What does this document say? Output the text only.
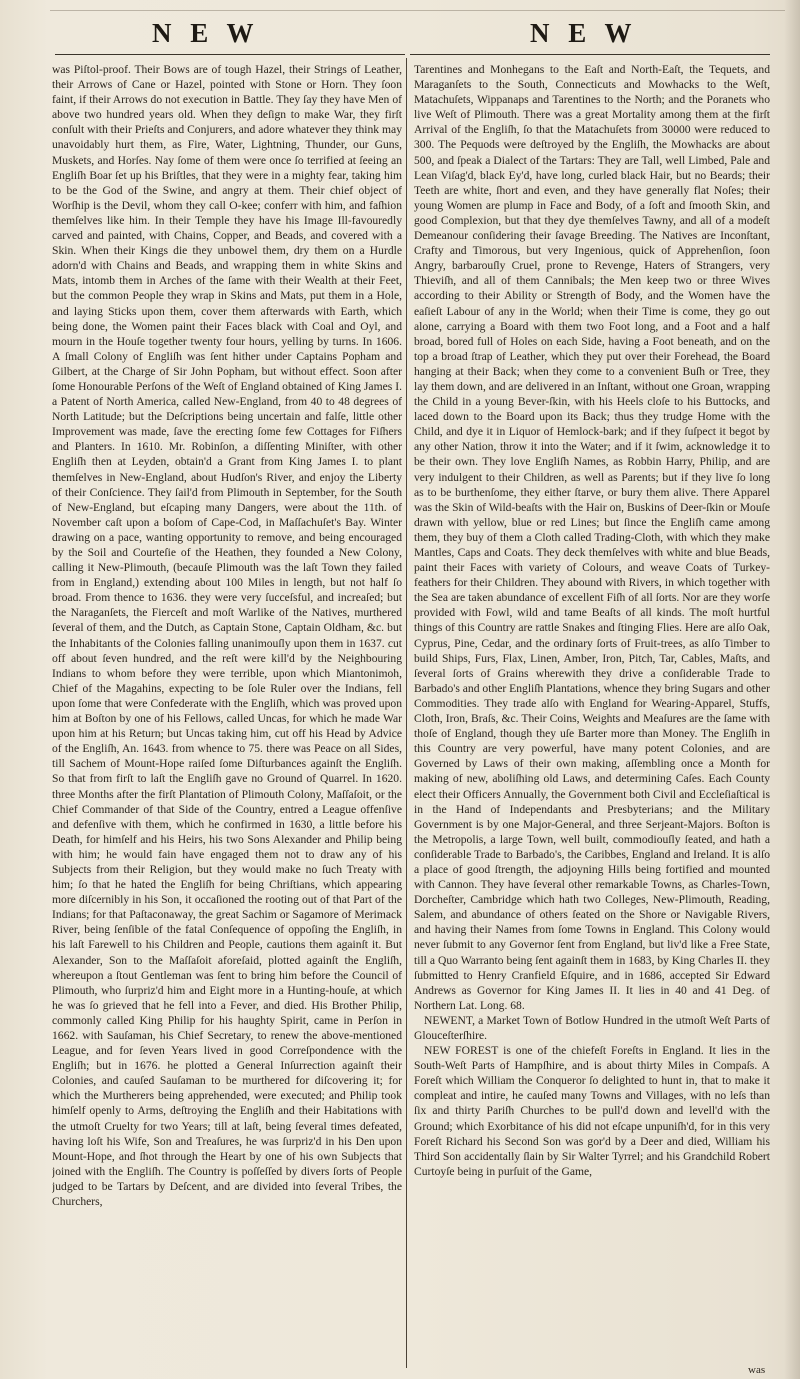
N E W	N E W

was Piſtol-proof. Their Bows are of tough Hazel, their Strings of Leather, their Arrows of Cane or Hazel, pointed with Stone or Horn. They ſoon faint, if their Arrows do not execution in Battle. They ſay they have Men of above two hundred years old. When they deſign to make War, they firſt conſult with their Prieſts and Conjurers, and adore whatever they think may unavoidably hurt them, as Fire, Water, Lightning, Thunder, our Guns, Muskets, and Horſes. Nay ſome of them were once ſo terrified at ſeeing an Engliſh Boar ſet up his Briſtles, that they were in a mighty fear, taking him to be the God of the Swine, and angry at them. Their chief object of Worſhip is the Devil, whom they call O-kee; conferr with him, and faſhion themſelves like him. In their Temple they have his Image Ill-favouredly carved and painted, with Chains, Copper, and Beads, and covered with a Skin. When their Kings die they unbowel them, dry them on a Hurdle adorn'd with Chains and Beads, and wrapping them in white Skins and Mats, intomb them in Arches of the ſame with their Wealth at their Feet, but the common People they wrap in Skins and Mats, put them in a Hole, and laying Sticks upon them, cover them afterwards with Earth, which being done, the Women paint their Faces black with Coal and Oyl, and mourn in the Houſe together twenty four hours, yelling by turns. In 1606. A ſmall Colony of Engliſh was ſent hither under Captains Popham and Gilbert, at the Charge of Sir John Popham, but without effect. Soon after ſome Honourable Perſons of the Weſt of England obtained of King James I. a Patent of North America, called New-England, from 40 to 48 degrees of North Latitude; but the Deſcriptions being uncertain and falſe, little other Improvement was made, ſave the erecting ſome few Cottages for Fiſhers and Planters. In 1610. Mr. Robinſon, a diſſenting Miniſter, with other Engliſh then at Leyden, obtain'd a Grant from King James I. to plant themſelves in New-England, about Hudſon's River, and enjoy the Liberty of their Conſcience. They ſail'd from Plimouth in September, for the South of New-England, but eſcaping many Dangers, were about the 11th. of November caſt upon a boſom of Cape-Cod, in Maſſachuſet's Bay. Winter drawing on a pace, wanting opportunity to remove, and being encouraged by the Soil and Courteſie of the Heathen, they founded a New Colony, calling it New-Plimouth, (becauſe Plimouth was the laſt Town they failed from in England,) extending about 100 Miles in length, but not half ſo broad. From thence to 1636. they were very ſucceſsful, and increaſed; but the Naraganſets, the Fierceſt and moſt Warlike of the Natives, murthered ſeveral of them, and the Dutch, as Captain Stone, Captain Oldham, &c. but the Inhabitants of the Colonies falling unanimouſly upon them in 1637. cut off about ſeven hundred, and the reſt were kill'd by the Neighbouring Indians to whom before they were terrible, upon which Miantonimoh, Chief of the Magahins, expecting to be ſole Ruler over the Indians, fell upon ſome that were Confederate with the Engliſh, which was proved upon him at Boſton by one of his Fellows, called Uncas, for which he made War upon him at his Return; but Uncas taking him, cut off his Head by Advice of the Engliſh, An. 1643. from whence to 75. there was Peace on all Sides, till Sachem of Mount-Hope raiſed ſome Diſturbances againſt the Engliſh. So that from firſt to laſt the Engliſh gave no Ground of Quarrel. In 1620. three Months after the firſt Plantation of Plimouth Colony, Maſſaſoit, or the Chief Commander of that Side of the Country, entred a League offenſive and defenſive with them, which he confirmed in 1630, a little before his Death, for himſelf and his Heirs, his two Sons Alexander and Philip being with him; he would fain have engaged them not to draw any of his Subjects from their Religion, but they would make no ſuch Treaty with him; ſo that he hated the Engliſh for being Chriſtians, which appearing more diſcernibly in his Son, it occaſioned the rooting out of that Part of the Indians; for that Paſtaconaway, the great Sachim or Sagamore of Merimack River, being ſenſible of the fatal Conſequence of oppoſing the Engliſh, in his laſt Farewell to his Children and People, cautions them againſt it. But Alexander, Son to the Maſſaſoit aforeſaid, plotted againſt the Engliſh, whereupon a ſtout Gentleman was ſent to bring him before the Council of Plimouth, who ſurpriz'd him and Eight more in a Hunting-houſe, at which he was ſo grieved that he fell into a Fever, and died. His Brother Philip, commonly called King Philip for his haughty Spirit, came in Perſon in 1662. with Sauſaman, his Chief Secretary, to renew the above-mentioned League, and for ſeven Years lived in good Correſpondence with the Engliſh; but in 1676. he plotted a General Inſurrection againſt their Colonies, and cauſed Sauſaman to be murthered for diſcovering it; for which the Murtherers being apprehended, were executed; and Philip took himſelf openly to Arms, deſtroying the Engliſh and their Habitations with the utmoſt Cruelty for two Years; till at laſt, being ſeveral times defeated, having loſt his Wife, Son and Treaſures, he was ſurpriz'd in his Den upon Mount-Hope, and ſhot through the Heart by one of his own Subjects that joined with the Engliſh. The Country is poſſeſſed by divers ſorts of People judged to be Tartars by Deſcent, and are divided into ſeveral Tribes, the Churchers,

Tarentines and Monhegans to the Eaſt and North-Eaſt, the Tequets, and Maraganſets to the South, Connecticuts and Mowhacks to the Weſt, Matachuſets, Wippanaps and Tarentines to the North; and the Poranets who live Weſt of Plimouth. There was a great Mortality among them at the firſt Arrival of the Engliſh, ſo that the Matachuſets from 30000 were reduced to 300. The Pequods were deſtroyed by the Engliſh, the Mowhacks are about 500, and ſpeak a Dialect of the Tartars: They are Tall, well Limbed, Pale and Lean Viſag'd, black Ey'd, have long, curled black Hair, but no Beards; their Teeth are white, ſhort and even, and they have generally flat Noſes; their young Women are plump in Face and Body, of a ſoft and ſmooth Skin, and good Complexion, but that they dye themſelves Tawny, and all of a modeſt Demeanour conſidering their ſavage Breeding. The Natives are Inconſtant, Crafty and Timorous, but very Ingenious, quick of Apprehenſion, ſoon Angry, barbarouſly Cruel, prone to Revenge, Haters of Strangers, very Thieviſh, and all of them Cannibals; the Men keep two or three Wives according to their Ability or Strength of Body, and the Women have the eaſieſt Labour of any in the World; when their Time is come, they go out alone, carrying a Board with them two Foot long, and a Foot and a half broad, bored full of Holes on each Side, having a Foot beneath, and on the top a broad ſtrap of Leather, which they put over their Forehead, the Board hanging at their Back; when they come to a convenient Buſh or Tree, they lay them down, and are delivered in an Inſtant, without one Groan, wrapping the Child in a young Bever-ſkin, with his Heels cloſe to his Buttocks, and laced down to the Board upon its Back; thus they trudge Home with the Child, and dye it in Liquor of Hemlock-bark; and if they ſuſpect it begot by any other Nation, throw it into the Water; and if it ſwim, acknowledge it to be their own. They love Engliſh Names, as Robbin Harry, Philip, and are very indulgent to their Children, as well as Parents; but if they live ſo long as to be burthenſome, they either ſtarve, or bury them alive. There Apparel was the Skin of Wild-beaſts with the Hair on, Buskins of Deer-ſkin or Mouſe drawn with yellow, blue or red Lines; but ſince the Engliſh came among them, they buy of them a Cloth called Trading-Cloth, with which they make Mantles, Caps and Coats. They deck themſelves with white and blue Beads, paint their Faces with variety of Colours, and weave Coats of Turkey-feathers for their Children. They abound with Rivers, in which together with the Sea are taken abundance of excellent Fiſh of all ſorts. Nor are they worſe provided with Fowl, wild and tame Beaſts of all kinds. The moſt hurtful things of this Country are rattle Snakes and ſtinging Flies. Here are alſo Oak, Cyprus, Pine, Cedar, and the ordinary ſorts of Fruit-trees, as alſo Timber to build Ships, Furs, Flax, Linen, Amber, Iron, Pitch, Tar, Cables, Maſts, and ſeveral ſorts of Grains wherewith they drive a conſiderable Trade to Barbado's and other Engliſh Plantations, whence they bring Sugars and other Commodities. They trade alſo with England for Wearing-Apparel, Stuffs, Cloth, Iron, Braſs, &c. Their Coins, Weights and Meaſures are the ſame with thoſe of England, though they uſe Barter more than Money. The Engliſh in this Country are very powerful, have many potent Colonies, and are Governed by Laws of their own making, aſſembling once a Month for making of new, aboliſhing old Laws, and determining Caſes. Each County elect their Officers Annually, the Government both Civil and Eccleſiaſtical is in the Hand of Independants and Presbyterians; and the Military Government is by one Major-General, and three Serjeant-Majors. Boſton is the Metropolis, a large Town, well built, commodiouſly ſeated, and hath a conſiderable Trade to Barbado's, the Caribbes, England and Ireland. It is alſo a place of good ſtrength, the adjoyning Hills being fortified and mounted with Cannon. They have ſeveral other remarkable Towns, as Charles-Town, Dorcheſter, Cambridge which hath two Colleges, New-Plimouth, Reading, Salem, and abundance of others ſeated on the Shore or Navigable Rivers, and having their Names from ſome Towns in England. This Colony would never ſubmit to any Governor ſent from England, but liv'd like a Free State, till a Quo Warranto being ſent againſt them in 1683, by King Charles II. they ſubmitted to Henry Cranfield Eſquire, and in 1686, accepted Sir Edward Andrews as Governor for King James II. It lies in 40 and 41 Deg. of Northern Lat. Long. 68.

NEWENT, a Market Town of Botlow Hundred in the utmoſt Weſt Parts of Glouceſterſhire.

NEW FOREST is one of the chiefeſt Foreſts in England. It lies in the South-Weſt Parts of Hampſhire, and is about thirty Miles in Compaſs. A Foreſt which William the Conqueror ſo delighted to hunt in, that to make it compleat and intire, he cauſed many Towns and Villages, with no leſs than ſix and thirty Pariſh Churches to be pull'd down and levell'd with the Ground; which Exorbitance of his did not eſcape unpuniſh'd, for in this very Foreſt Richard his Second Son was gor'd by a Deer and died, William his Third Son accidentally ſlain by Sir Walter Tyrrel; and his Grandchild Robert Curtoyſe being in purſuit of the Game,

was
